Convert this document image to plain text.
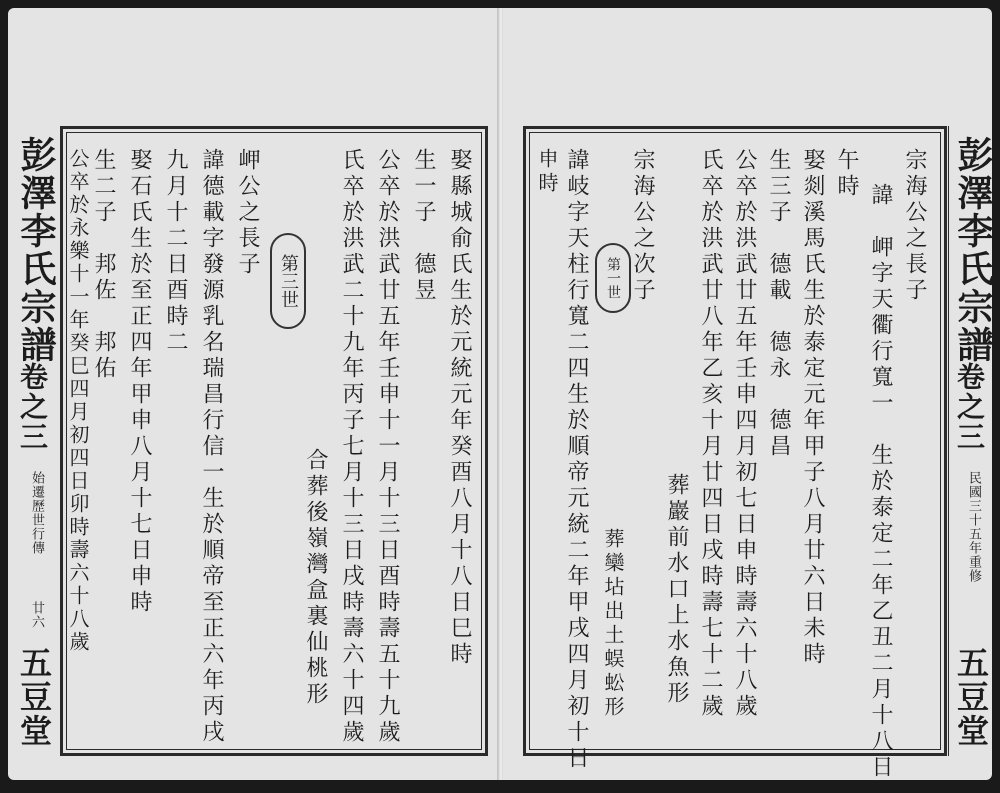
彭澤李氏宗譜
卷之三
始遷歷世行傳
廿六
五豆堂
娶縣城俞氏生於元統元年癸酉八月十八日巳時
生一子　德昱
公卒於洪武廿五年壬申十一月十三日酉時壽五十九歲
氏卒於洪武二十九年丙子七月十三日戌時壽六十四歲
合葬後嶺灣盒裏仙桃形
第三世
岬公之長子
諱德載字發源乳名瑞昌行信一生於順帝至正六年丙戌
九月十二日酉時二
娶石氏生於至正四年甲申八月十七日申時
生二子　邦佐　邦佑
公卒於永樂十一年癸巳四月初四日卯時壽六十八歲	彭澤李氏宗譜
卷之三
民國三十五年重修
五豆堂
宗海公之長子
諱　岬字天衢行寬一　生於泰定二年乙丑二月十八日
午時
娶剡溪馬氏生於泰定元年甲子八月廿六日未時
生三子　德載　德永　德昌
公卒於洪武廿五年壬申四月初七日申時壽六十八歲
氏卒於洪武廿八年乙亥十月廿四日戌時壽七十二歲
葬巖前水口上水魚形
宗海公之次子
第一世
諱岐字天柱行寬二四生於順帝元統二年甲戌四月初十日
申時
葬欒坫出土蜈蚣形
